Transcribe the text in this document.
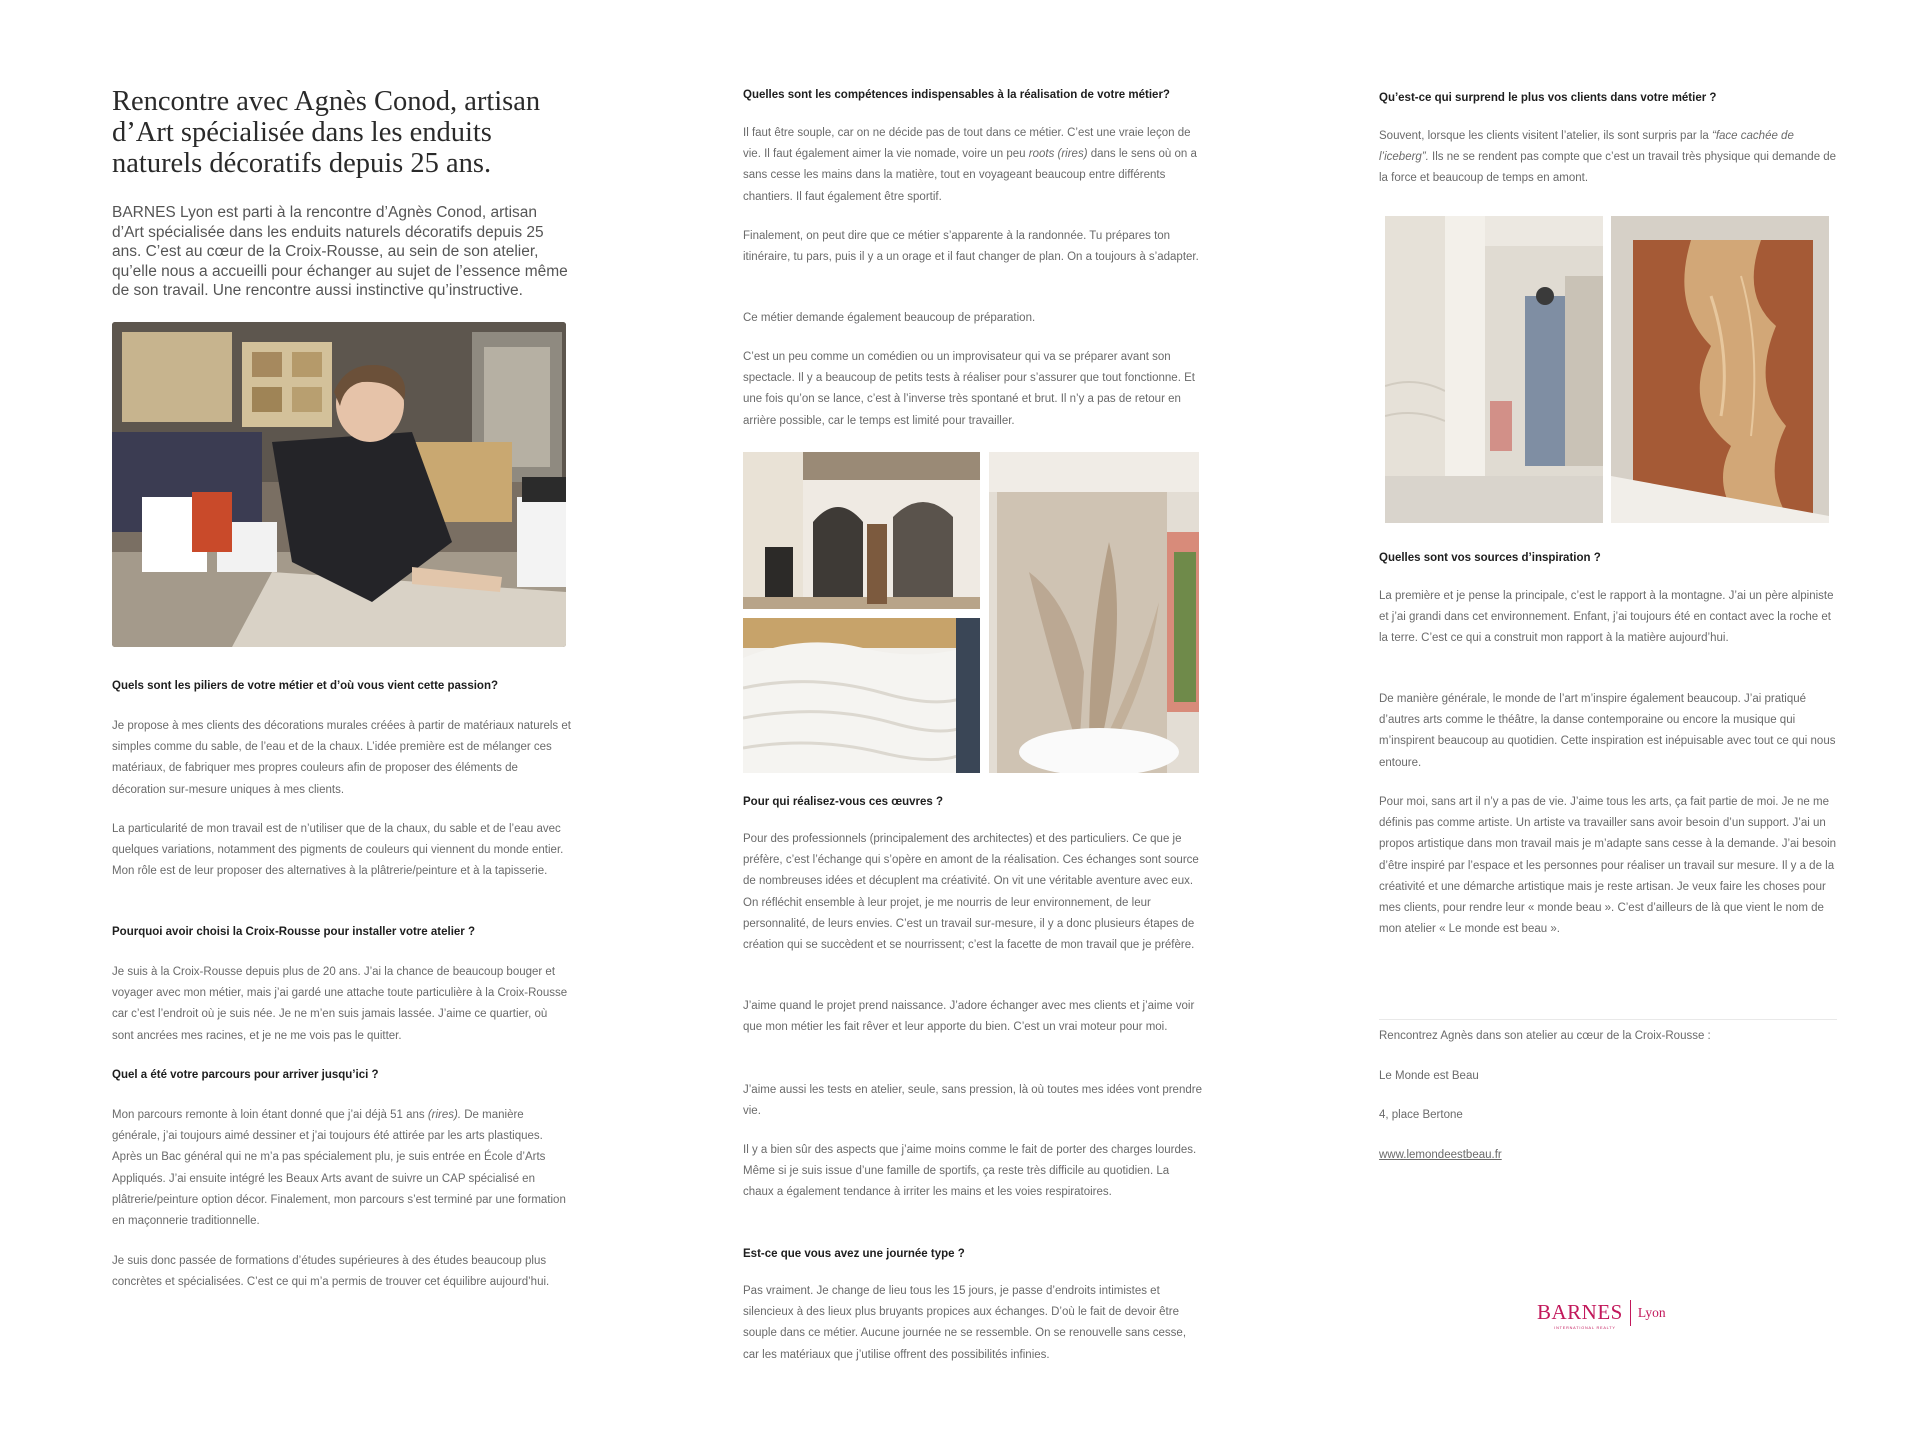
Rencontre avec Agnès Conod, artisan d’Art spécialisée dans les enduits naturels décoratifs depuis 25 ans.

BARNES Lyon est parti à la rencontre d’Agnès Conod, artisan d’Art spécialisée dans les enduits naturels décoratifs depuis 25 ans. C’est au cœur de la Croix-Rousse, au sein de son atelier, qu’elle nous a accueilli pour échanger au sujet de l’essence même de son travail. Une rencontre aussi instinctive qu’instructive.

Quels sont les piliers de votre métier et d’où vous vient cette passion?

Je propose à mes clients des décorations murales créées à partir de matériaux naturels et simples comme du sable, de l’eau et de la chaux. L’idée première est de mélanger ces matériaux, de fabriquer mes propres couleurs afin de proposer des éléments de décoration sur-mesure uniques à mes clients.

La particularité de mon travail est de n’utiliser que de la chaux, du sable et de l’eau avec quelques variations, notamment des pigments de couleurs qui viennent du monde entier. Mon rôle est de leur proposer des alternatives à la plâtrerie/peinture et à la tapisserie.

Pourquoi avoir choisi la Croix-Rousse pour installer votre atelier ?

Je suis à la Croix-Rousse depuis plus de 20 ans. J’ai la chance de beaucoup bouger et voyager avec mon métier, mais j’ai gardé une attache toute particulière à la Croix-Rousse car c’est l’endroit où je suis née. Je ne m’en suis jamais lassée. J’aime ce quartier, où sont ancrées mes racines, et je ne me vois pas le quitter.

Quel a été votre parcours pour arriver jusqu’ici ?

Mon parcours remonte à loin étant donné que j’ai déjà 51 ans (rires). De manière générale, j’ai toujours aimé dessiner et j’ai toujours été attirée par les arts plastiques. Après un Bac général qui ne m’a pas spécialement plu, je suis entrée en École d’Arts Appliqués. J’ai ensuite intégré les Beaux Arts avant de suivre un CAP spécialisé en plâtrerie/peinture option décor. Finalement, mon parcours s’est terminé par une formation en maçonnerie traditionnelle.

Je suis donc passée de formations d’études supérieures à des études beaucoup plus concrètes et spécialisées. C’est ce qui m’a permis de trouver cet équilibre aujourd’hui.

Quelles sont les compétences indispensables à la réalisation de votre métier?

Il faut être souple, car on ne décide pas de tout dans ce métier. C’est une vraie leçon de vie. Il faut également aimer la vie nomade, voire un peu roots (rires) dans le sens où on a sans cesse les mains dans la matière, tout en voyageant beaucoup entre différents chantiers. Il faut également être sportif.

Finalement, on peut dire que ce métier s’apparente à la randonnée. Tu prépares ton itinéraire, tu pars, puis il y a un orage et il faut changer de plan. On a toujours à s’adapter.

Ce métier demande également beaucoup de préparation.

C’est un peu comme un comédien ou un improvisateur qui va se préparer avant son spectacle. Il y a beaucoup de petits tests à réaliser pour s’assurer que tout fonctionne. Et une fois qu’on se lance, c’est à l’inverse très spontané et brut. Il n’y a pas de retour en arrière possible, car le temps est limité pour travailler.

Pour qui réalisez-vous ces œuvres ?

Pour des professionnels (principalement des architectes) et des particuliers. Ce que je préfère, c’est l’échange qui s’opère en amont de la réalisation. Ces échanges sont source de nombreuses idées et décuplent ma créativité. On vit une véritable aventure avec eux. On réfléchit ensemble à leur projet, je me nourris de leur environnement, de leur personnalité, de leurs envies. C’est un travail sur-mesure, il y a donc plusieurs étapes de création qui se succèdent et se nourrissent; c’est la facette de mon travail que je préfère.

J’aime quand le projet prend naissance. J’adore échanger avec mes clients et j’aime voir que mon métier les fait rêver et leur apporte du bien. C’est un vrai moteur pour moi.

J’aime aussi les tests en atelier, seule, sans pression, là où toutes mes idées vont prendre vie.

Il y a bien sûr des aspects que j’aime moins comme le fait de porter des charges lourdes. Même si je suis issue d’une famille de sportifs, ça reste très difficile au quotidien. La chaux a également tendance à irriter les mains et les voies respiratoires.

Est-ce que vous avez une journée type ?

Pas vraiment. Je change de lieu tous les 15 jours, je passe d’endroits intimistes et silencieux à des lieux plus bruyants propices aux échanges. D’où le fait de devoir être souple dans ce métier. Aucune journée ne se ressemble. On se renouvelle sans cesse, car les matériaux que j’utilise offrent des possibilités infinies.

Qu’est-ce qui surprend le plus vos clients dans votre métier ?

Souvent, lorsque les clients visitent l’atelier, ils sont surpris par la “face cachée de l’iceberg”. Ils ne se rendent pas compte que c’est un travail très physique qui demande de la force et beaucoup de temps en amont.

Quelles sont vos sources d’inspiration ?

La première et je pense la principale, c’est le rapport à la montagne. J’ai un père alpiniste et j’ai grandi dans cet environnement. Enfant, j’ai toujours été en contact avec la roche et la terre. C’est ce qui a construit mon rapport à la matière aujourd’hui.

De manière générale, le monde de l’art m’inspire également beaucoup. J’ai pratiqué d’autres arts comme le théâtre, la danse contemporaine ou encore la musique qui m’inspirent beaucoup au quotidien. Cette inspiration est inépuisable avec tout ce qui nous entoure.

Pour moi, sans art il n’y a pas de vie. J’aime tous les arts, ça fait partie de moi. Je ne me définis pas comme artiste. Un artiste va travailler sans avoir besoin d’un support. J’ai un propos artistique dans mon travail mais je m’adapte sans cesse à la demande. J’ai besoin d’être inspiré par l’espace et les personnes pour réaliser un travail sur mesure. Il y a de la créativité et une démarche artistique mais je reste artisan. Je veux faire les choses pour mes clients, pour rendre leur « monde beau ». C’est d’ailleurs de là que vient le nom de mon atelier « Le monde est beau ».

Rencontrez Agnès dans son atelier au cœur de la Croix-Rousse :

Le Monde est Beau

4, place Bertone

www.lemondeestbeau.fr

BARNES
INTERNATIONAL REALTY
Lyon
